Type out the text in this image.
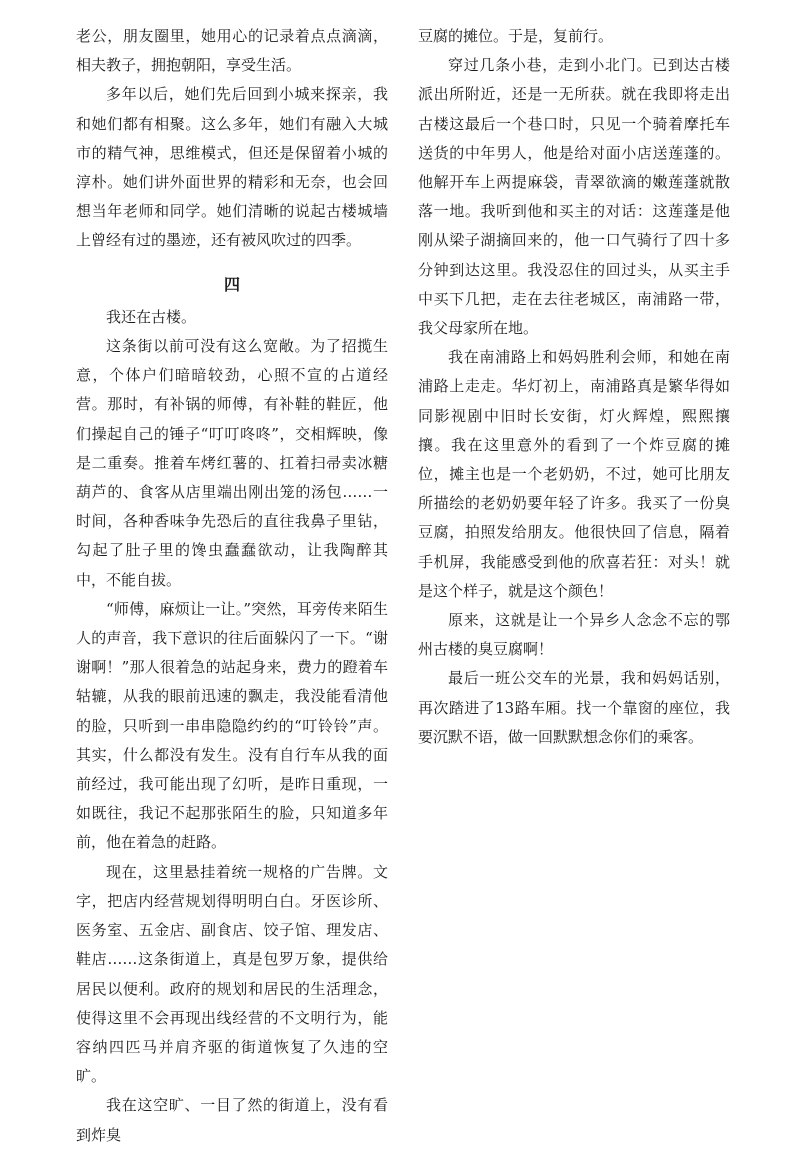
老公，朋友圈里，她用心的记录着点点滴滴，相夫教子，拥抱朝阳，享受生活。

多年以后，她们先后回到小城来探亲，我和她们都有相聚。这么多年，她们有融入大城市的精气神，思维模式，但还是保留着小城的淳朴。她们讲外面世界的精彩和无奈，也会回想当年老师和同学。她们清晰的说起古楼城墙上曾经有过的墨迹，还有被风吹过的四季。

四

我还在古楼。

这条街以前可没有这么宽敞。为了招揽生意，个体户们暗暗较劲，心照不宣的占道经营。那时，有补锅的师傅，有补鞋的鞋匠，他们操起自己的锤子“叮叮咚咚”，交相辉映，像是二重奏。推着车烤红薯的、扛着扫帚卖冰糖葫芦的、食客从店里端出刚出笼的汤包……一时间，各种香味争先恐后的直往我鼻子里钻，勾起了肚子里的馋虫蠢蠢欲动，让我陶醉其中，不能自拔。

“师傅，麻烦让一让。”突然，耳旁传来陌生人的声音，我下意识的往后面躲闪了一下。“谢谢啊！”那人很着急的站起身来，费力的蹬着车轱辘，从我的眼前迅速的飘走，我没能看清他的脸，只听到一串串隐隐约约的“叮铃铃”声。其实，什么都没有发生。没有自行车从我的面前经过，我可能出现了幻听，是昨日重现，一如既往，我记不起那张陌生的脸，只知道多年前，他在着急的赶路。

现在，这里悬挂着统一规格的广告牌。文字，把店内经营规划得明明白白。牙医诊所、医务室、五金店、副食店、饺子馆、理发店、鞋店……这条街道上，真是包罗万象，提供给居民以便利。政府的规划和居民的生活理念，使得这里不会再现出线经营的不文明行为，能容纳四匹马并肩齐驱的街道恢复了久违的空旷。

我在这空旷、一目了然的街道上，没有看到炸臭

豆腐的摊位。于是，复前行。

穿过几条小巷，走到小北门。已到达古楼派出所附近，还是一无所获。就在我即将走出古楼这最后一个巷口时，只见一个骑着摩托车送货的中年男人，他是给对面小店送莲蓬的。他解开车上两提麻袋，青翠欲滴的嫩莲蓬就散落一地。我听到他和买主的对话：这莲蓬是他刚从梁子湖摘回来的，他一口气骑行了四十多分钟到达这里。我没忍住的回过头，从买主手中买下几把，走在去往老城区，南浦路一带，我父母家所在地。

我在南浦路上和妈妈胜利会师，和她在南浦路上走走。华灯初上，南浦路真是繁华得如同影视剧中旧时长安街，灯火辉煌，熙熙攘攘。我在这里意外的看到了一个炸豆腐的摊位，摊主也是一个老奶奶，不过，她可比朋友所描绘的老奶奶要年轻了许多。我买了一份臭豆腐，拍照发给朋友。他很快回了信息，隔着手机屏，我能感受到他的欣喜若狂：对头！就是这个样子，就是这个颜色！

原来，这就是让一个异乡人念念不忘的鄂州古楼的臭豆腐啊！

最后一班公交车的光景，我和妈妈话别，再次踏进了13路车厢。找一个靠窗的座位，我要沉默不语，做一回默默想念你们的乘客。
